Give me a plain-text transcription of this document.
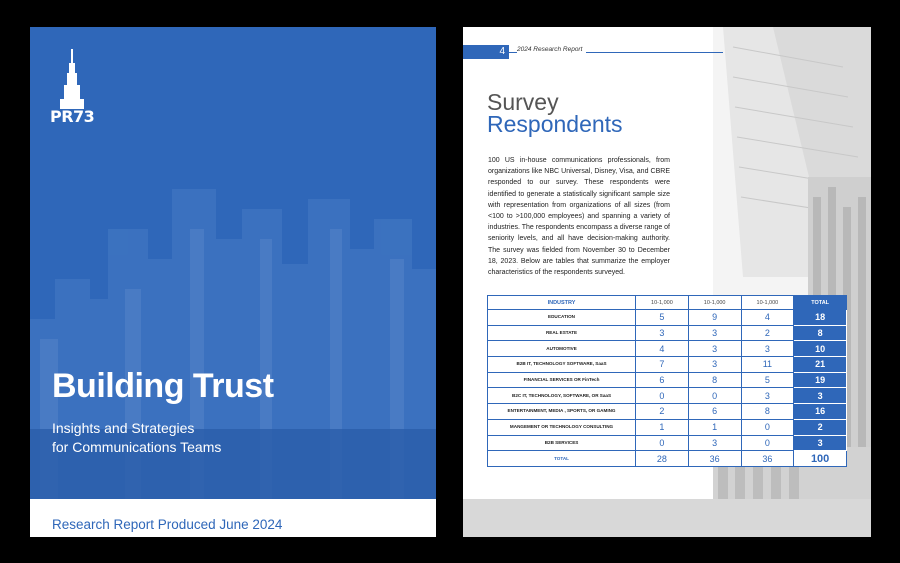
PR73
Building Trust
Insights and Strategies
for Communications Teams
Research Report Produced June 2024
4	2024 Research Report
Survey
Respondents
100 US in-house communications professionals, from organizations like NBC Universal, Disney, Visa, and CBRE responded to our survey. These respondents were identified to generate a statistically significant sample size with representation from organizations of all sizes (from <100 to >100,000 employees) and spanning a variety of industries. The respondents encompass a diverse range of seniority levels, and all have decision-making authority. The survey was fielded from November 30 to December 18, 2023. Below are tables that summarize the employer characteristics of the respondents surveyed.
INDUSTRY	10-1,000	10-1,000	10-1,000	TOTAL
EDUCATION	5	9	4	18
REAL ESTATE	3	3	2	8
AUTOMOTIVE	4	3	3	10
B2B IT, TECHNOLOGY SOFTWARE, SaaS	7	3	11	21
FINANCIAL SERVICES OR FinTech	6	8	5	19
B2C IT, TECHNOLOGY, SOFTWARE, OR SaaS	0	0	3	3
ENTERTAINMENT, MEDIA , SPORTS, OR GAMING	2	6	8	16
MANGEMENT OR TECHNOLOGY CONSULTING	1	1	0	2
B2B SERVICES	0	3	0	3
TOTAL	28	36	36	100
